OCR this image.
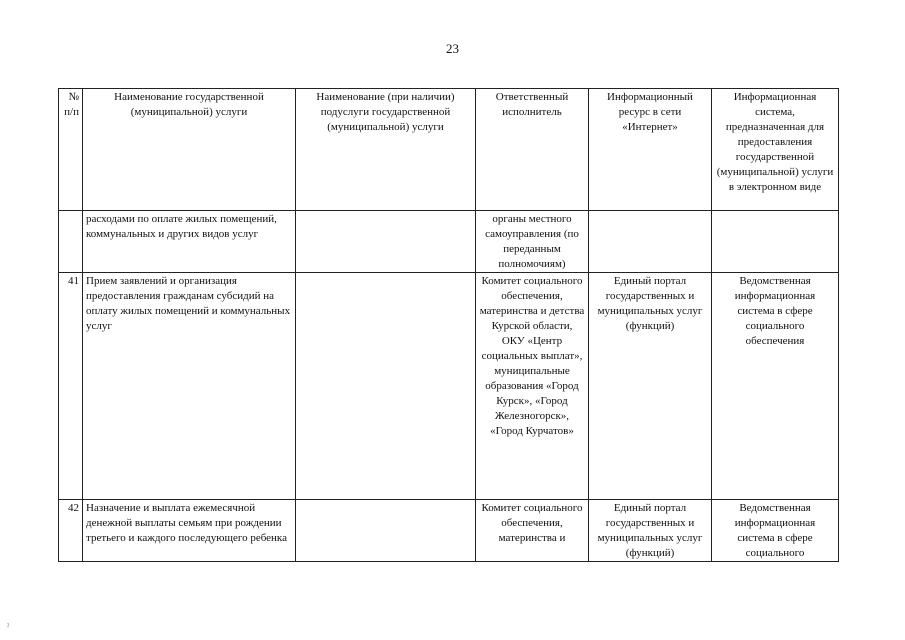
23
№ п/п	Наименование государственной (муниципальной) услуги	Наименование (при наличии) подуслуги государственной (муниципальной) услуги	Ответственный исполнитель	Информационный ресурс в сети «Интернет»	Информационная система, предназначенная для предоставления государственной (муниципальной) услуги в электронном виде
	расходами по оплате жилых помещений, коммунальных и других видов услуг		органы местного самоуправления (по переданным полномочиям)		
41	Прием заявлений и организация предоставления гражданам субсидий на оплату жилых помещений и коммунальных услуг		Комитет социального обеспечения, материнства и детства Курской области, ОКУ «Центр социальных выплат», муниципальные образования «Город Курск», «Город Железногорск», «Город Курчатов»	Единый портал государственных и муниципальных услуг (функций)	Ведомственная информационная система в сфере социального обеспечения
42	Назначение и выплата ежемесячной денежной выплаты семьям при рождении третьего и каждого последующего ребенка		Комитет социального обеспечения, материнства и	Единый портал государственных и муниципальных услуг (функций)	Ведомственная информационная система в сфере социального
ˀ
